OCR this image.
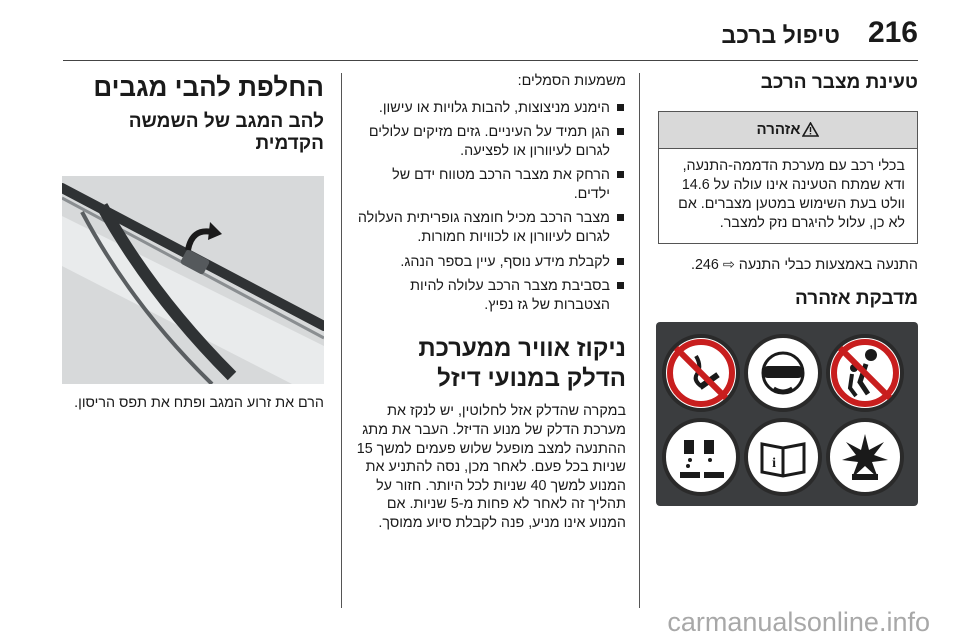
216
טיפול ברכב
טעינת מצבר הרכב
אזהרה
בכלי רכב עם מערכת הדממה-התנעה, ודא שמתח הטעינה אינו עולה על 14.6 וולט בעת השימוש במטען מצברים. אם לא כן, עלול להיגרם נזק למצבר.

התנעה באמצעות כבלי התנעה ⇨ 246.

מדבקת אזהרה
i

משמעות הסמלים:

הימנע מניצוצות, להבות גלויות או עישון.
הגן תמיד על העיניים. גזים מזיקים עלולים לגרום לעיוורון או לפציעה.
הרחק את מצבר הרכב מטווח ידם של ילדים.
מצבר הרכב מכיל חומצה גופריתית העלולה לגרום לעיוורון או לכוויות חמורות.
לקבלת מידע נוסף, עיין בספר הנהג.
בסביבת מצבר הרכב עלולה להיות הצטברות של גז נפיץ.
ניקוז אוויר ממערכת הדלק במנועי דיזל

במקרה שהדלק אזל לחלוטין, יש לנקז את מערכת הדלק של מנוע הדיזל. העבר את מתג ההתנעה למצב מופעל שלוש פעמים למשך 15 שניות בכל פעם. לאחר מכן, נסה להתניע את המנוע למשך 40 שניות לכל היותר. חזור על תהליך זה לאחר לא פחות מ-5 שניות. אם המנוע אינו מניע, פנה לקבלת סיוע ממוסך.

החלפת להבי מגבים
להב המגב של השמשה הקדמית

הרם את זרוע המגב ופתח את תפס הריסון.

carmanualsonline.info
